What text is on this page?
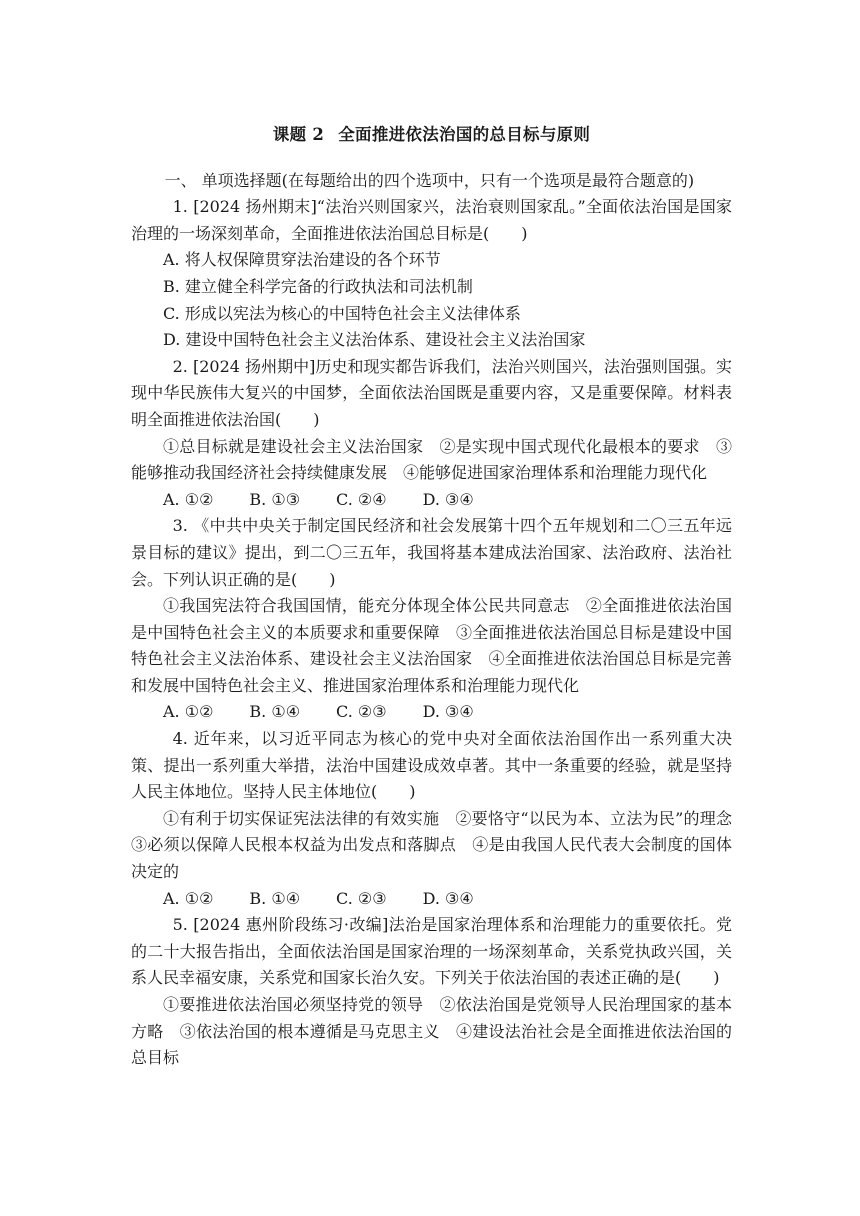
课题 2 全面推进依法治国的总目标与原则

一、 单项选择题(在每题给出的四个选项中，只有一个选项是最符合题意的)

1. [2024 扬州期末]“法治兴则国家兴，法治衰则国家乱。”全面依法治国是国家治理的一场深刻革命，全面推进依法治国总目标是(　　)

A. 将人权保障贯穿法治建设的各个环节

B. 建立健全科学完备的行政执法和司法机制

C. 形成以宪法为核心的中国特色社会主义法律体系

D. 建设中国特色社会主义法治体系、建设社会主义法治国家

2. [2024 扬州期中]历史和现实都告诉我们，法治兴则国兴，法治强则国强。实现中华民族伟大复兴的中国梦，全面依法治国既是重要内容，又是重要保障。材料表明全面推进依法治国(　　)

①总目标就是建设社会主义法治国家　②是实现中国式现代化最根本的要求　③能够推动我国经济社会持续健康发展　④能够促进国家治理体系和治理能力现代化

A. ①② B. ①③ C. ②④ D. ③④

3. 《中共中央关于制定国民经济和社会发展第十四个五年规划和二〇三五年远景目标的建议》提出，到二〇三五年，我国将基本建成法治国家、法治政府、法治社会。下列认识正确的是(　　)

①我国宪法符合我国国情，能充分体现全体公民共同意志　②全面推进依法治国是中国特色社会主义的本质要求和重要保障　③全面推进依法治国总目标是建设中国特色社会主义法治体系、建设社会主义法治国家　④全面推进依法治国总目标是完善和发展中国特色社会主义、推进国家治理体系和治理能力现代化

A. ①② B. ①④ C. ②③ D. ③④

4. 近年来，以习近平同志为核心的党中央对全面依法治国作出一系列重大决策、提出一系列重大举措，法治中国建设成效卓著。其中一条重要的经验，就是坚持人民主体地位。坚持人民主体地位(　　)

①有利于切实保证宪法法律的有效实施　②要恪守“以民为本、立法为民”的理念　③必须以保障人民根本权益为出发点和落脚点　④是由我国人民代表大会制度的国体决定的

A. ①② B. ①④ C. ②③ D. ③④

5. [2024 惠州阶段练习·改编]法治是国家治理体系和治理能力的重要依托。党的二十大报告指出，全面依法治国是国家治理的一场深刻革命，关系党执政兴国，关系人民幸福安康，关系党和国家长治久安。下列关于依法治国的表述正确的是(　　)

①要推进依法治国必须坚持党的领导　②依法治国是党领导人民治理国家的基本方略　③依法治国的根本遵循是马克思主义　④建设法治社会是全面推进依法治国的总目标
